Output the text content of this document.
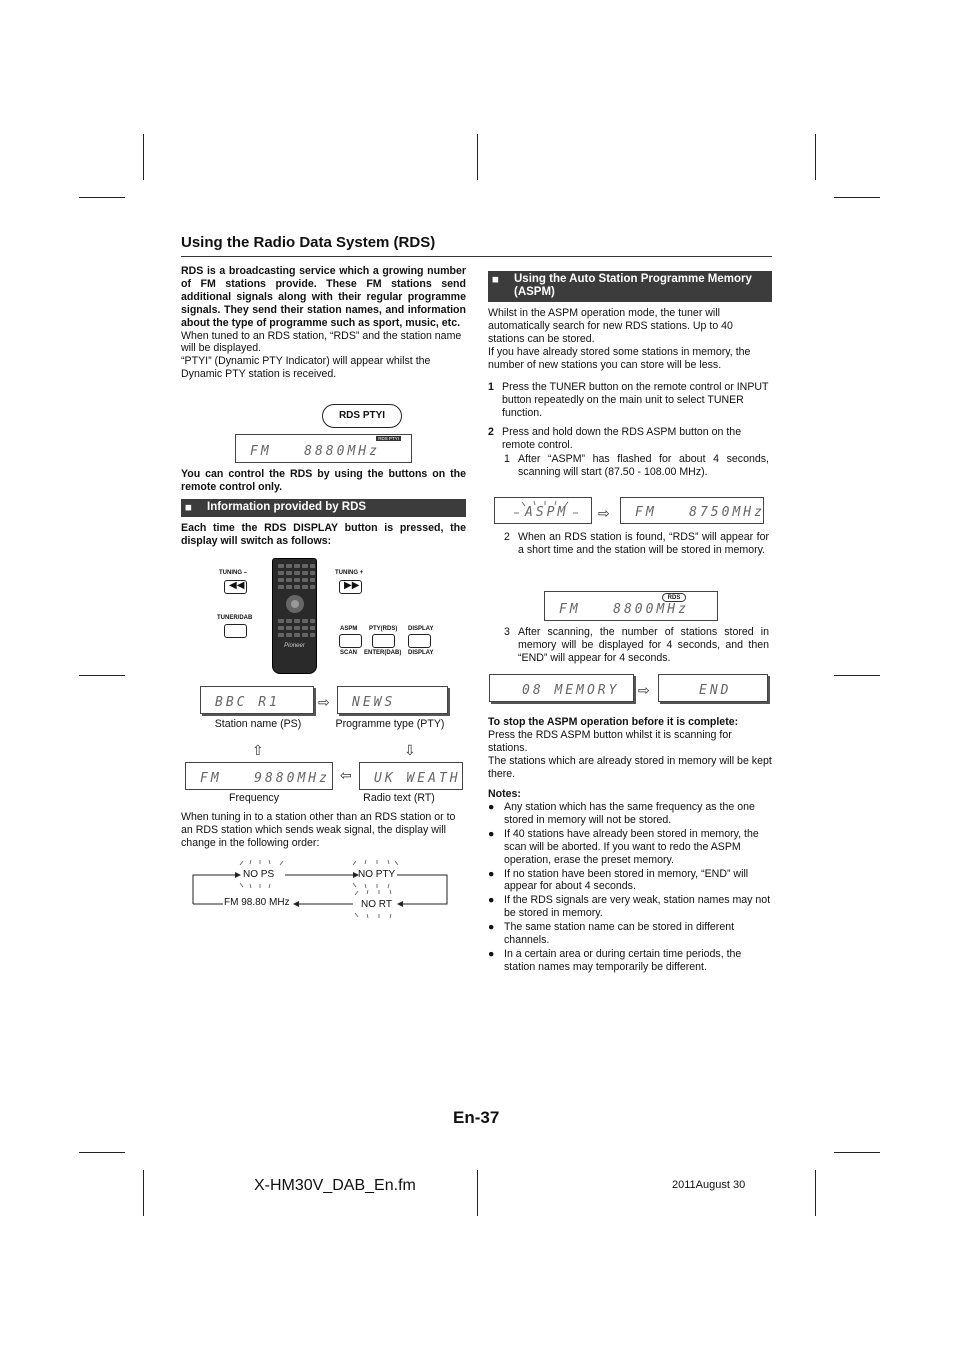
Using the Radio Data System (RDS)
RDS is a broadcasting service which a growing number of FM stations provide. These FM stations send additional signals along with their regular programme signals. They send their station names, and information about the type of programme such as sport, music, etc.
When tuned to an RDS station, “RDS” and the station name will be displayed.
“PTYI” (Dynamic PTY Indicator) will appear whilst the Dynamic PTY station is received.
RDS PTYI
RDS PTYI
FM   8880MHz
You can control the RDS by using the buttons on the remote control only.
■ Information provided by RDS
Each time the RDS DISPLAY button is pressed, the display will switch as follows:
Pioneer
TUNING –
◀◀
TUNING +
▶▶
TUNER/DAB
ASPM PTY(RDS) DISPLAY
SCAN ENTER(DAB) DISPLAY
BBC R1	⇨ NEWS
Station name (PS)	Programme type (PTY)
⇧	⇩
FM   9880MHz ⇦ UK WEATH
Frequency	Radio text (RT)
When tuning in to a station other than an RDS station or to an RDS station which sends weak signal, the display will change in the following order:
NO PS	NO PTY
NO RT
FM 98.80 MHz
■ Using the Auto Station Programme Memory (ASPM)
Whilst in the ASPM operation mode, the tuner will automatically search for new RDS stations. Up to 40 stations can be stored.
If you have already stored some stations in memory, the number of new stations you can store will be less.
1 Press the TUNER button on the remote control or INPUT button repeatedly on the main unit to select TUNER function.
2 Press and hold down the RDS ASPM button on the remote control.
1 After “ASPM” has flashed for about 4 seconds, scanning will start (87.50 - 108.00 MHz).
ASPM ⇨ FM   8750MHz
2 When an RDS station is found, “RDS” will appear for a short time and the station will be stored in memory.
RDS
FM   8800MHz
3 After scanning, the number of stations stored in memory will be displayed for 4 seconds, and then “END” will appear for 4 seconds.
08 MEMORY ⇨	END
To stop the ASPM operation before it is complete:
Press the RDS ASPM button whilst it is scanning for stations.
The stations which are already stored in memory will be kept there.
Notes:
● Any station which has the same frequency as the one stored in memory will not be stored.
● If 40 stations have already been stored in memory, the scan will be aborted. If you want to redo the ASPM operation, erase the preset memory.
● If no station have been stored in memory, “END” will appear for about 4 seconds.
● If the RDS signals are very weak, station names may not be stored in memory.
● The same station name can be stored in different channels.
● In a certain area or during certain time periods, the station names may temporarily be different.
En-37
X-HM30V_DAB_En.fm	2011August 30
